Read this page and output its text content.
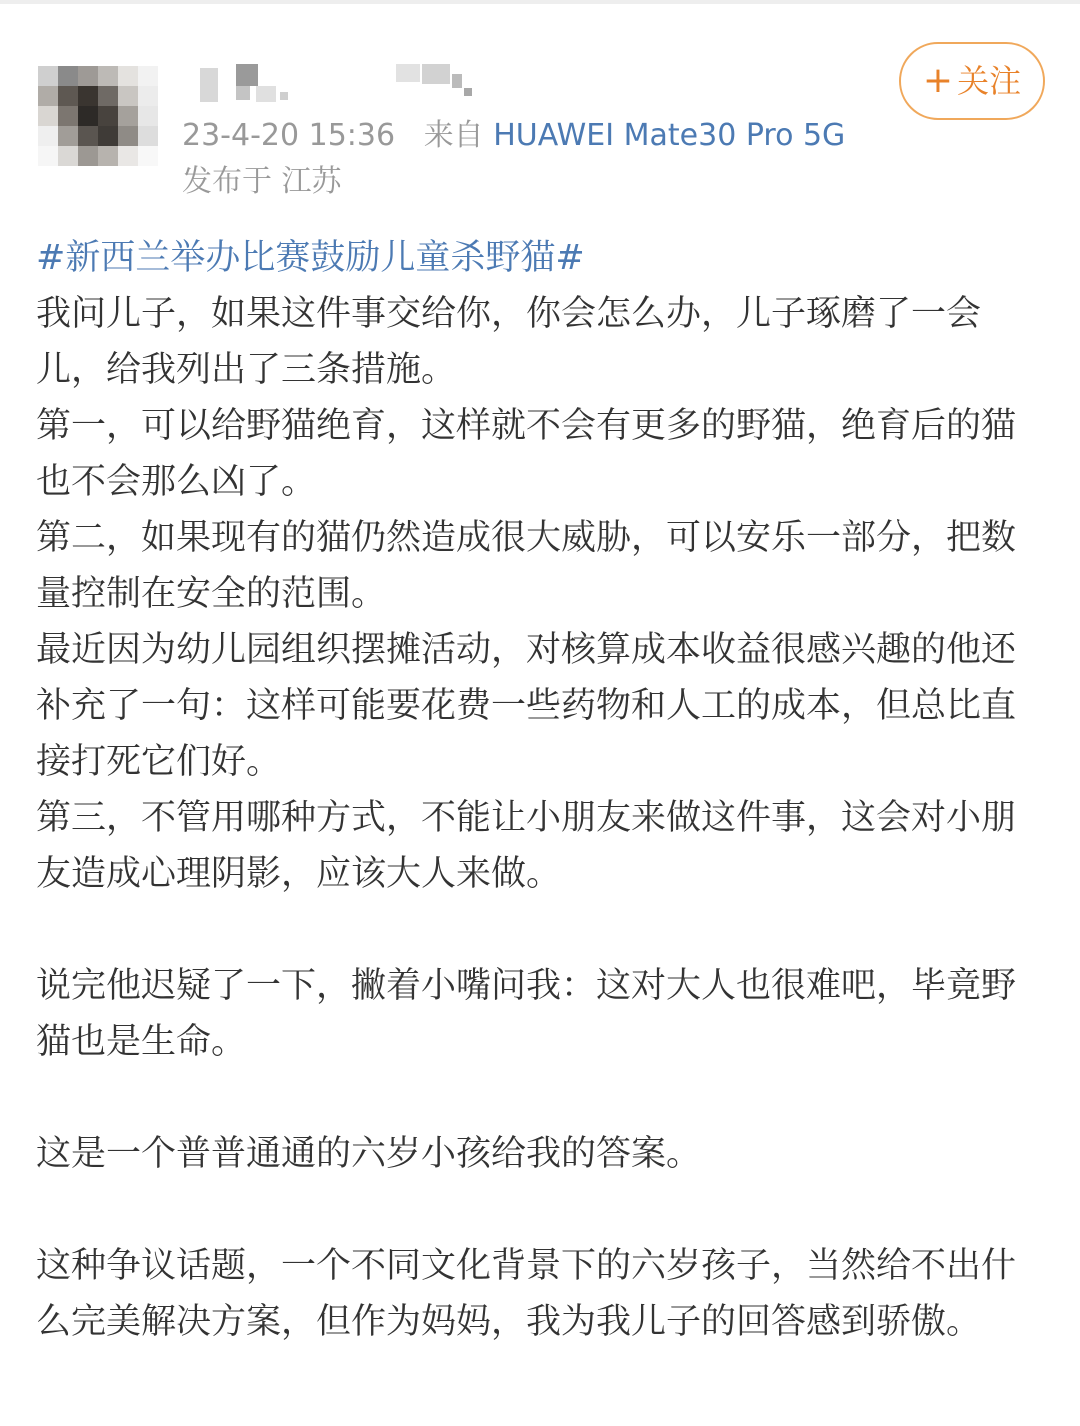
23-4-20 15:36 来自 HUAWEI Mate30 Pro 5G
发布于 江苏
+ 关注

#新西兰举办比赛鼓励儿童杀野猫#

我问儿子，如果这件事交给你，你会怎么办，儿子琢磨了一会儿，给我列出了三条措施。

第一，可以给野猫绝育，这样就不会有更多的野猫，绝育后的猫也不会那么凶了。

第二，如果现有的猫仍然造成很大威胁，可以安乐一部分，把数量控制在安全的范围。

最近因为幼儿园组织摆摊活动，对核算成本收益很感兴趣的他还补充了一句：这样可能要花费一些药物和人工的成本，但总比直接打死它们好。

第三，不管用哪种方式，不能让小朋友来做这件事，这会对小朋友造成心理阴影，应该大人来做。

说完他迟疑了一下，撇着小嘴问我：这对大人也很难吧，毕竟野猫也是生命。

这是一个普普通通的六岁小孩给我的答案。

这种争议话题，一个不同文化背景下的六岁孩子，当然给不出什么完美解决方案，但作为妈妈，我为我儿子的回答感到骄傲。
